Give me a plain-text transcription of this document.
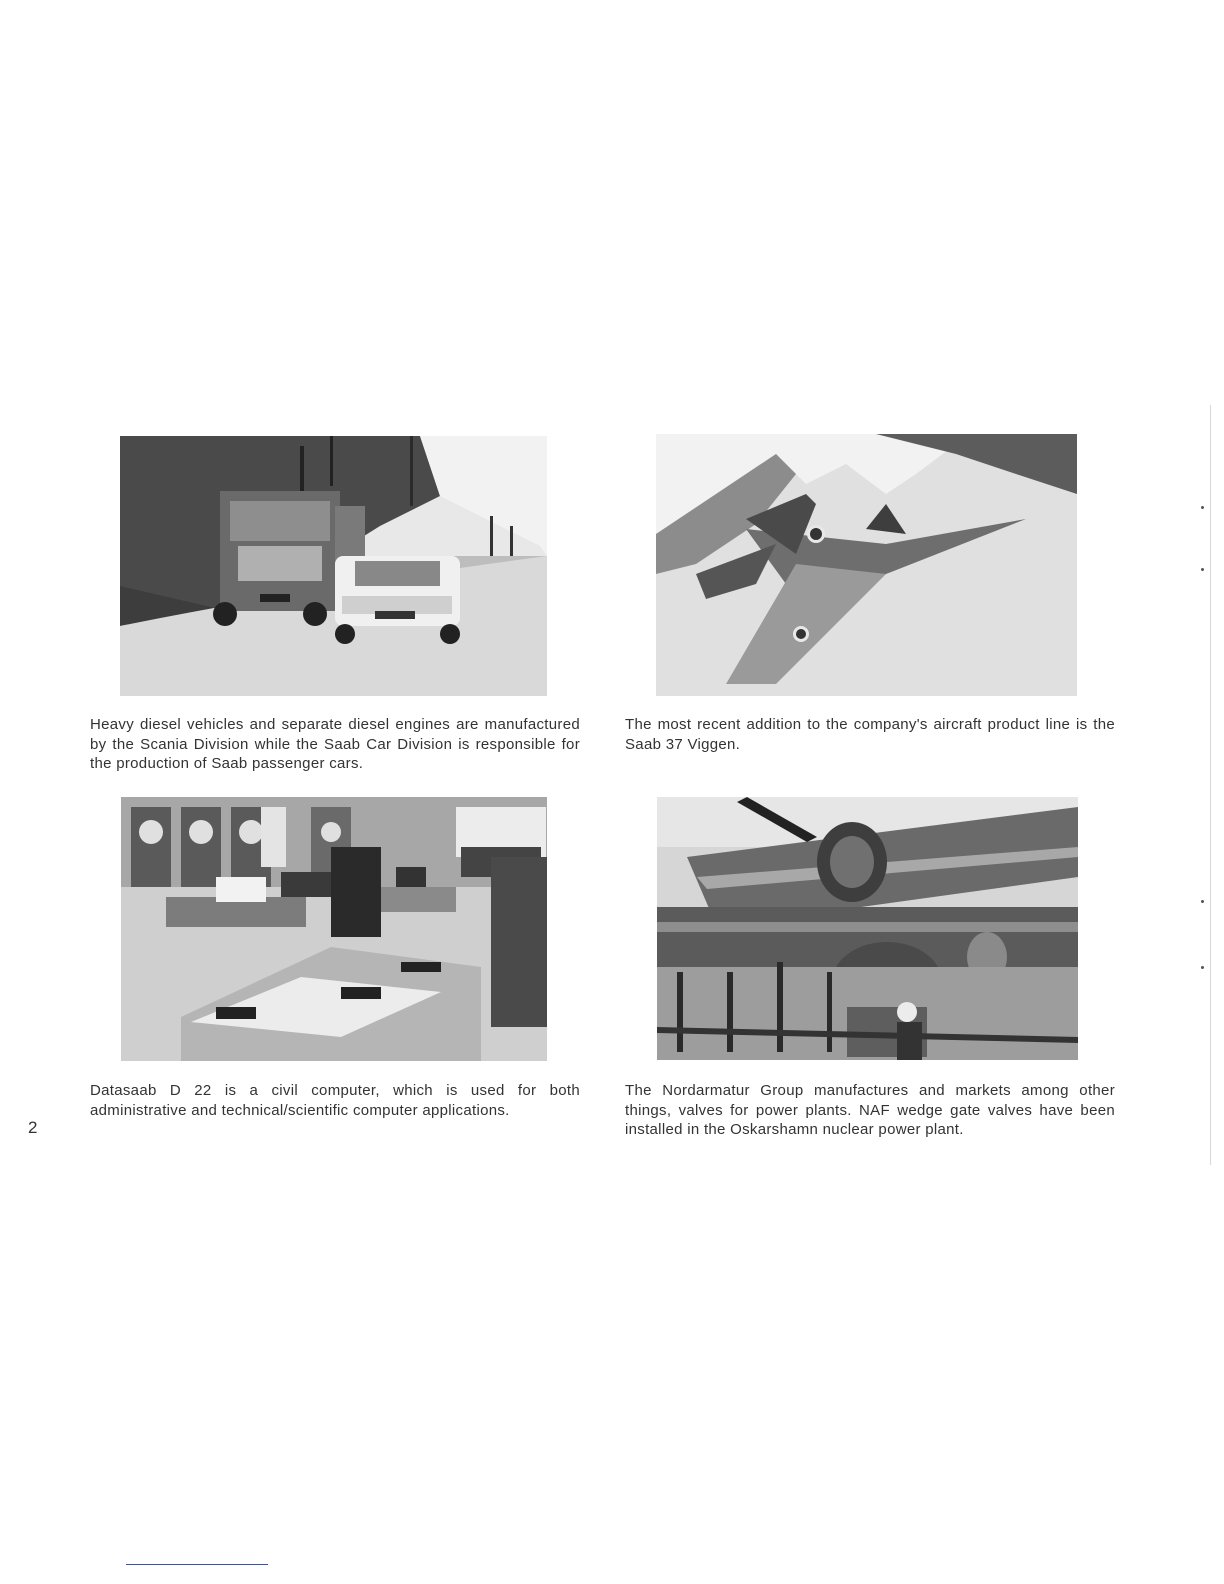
Heavy diesel vehicles and separate diesel engines are manufactured by the Scania Division while the Saab Car Division is responsible for the production of Saab passenger cars.

The most recent addition to the company's aircraft product line is the Saab 37 Viggen.

Datasaab D 22 is a civil computer, which is used for both administrative and technical/scientific computer applications.

The Nordarmatur Group manufactures and markets among other things, valves for power plants. NAF wedge gate valves have been installed in the Oskarshamn nuclear power plant.

2
